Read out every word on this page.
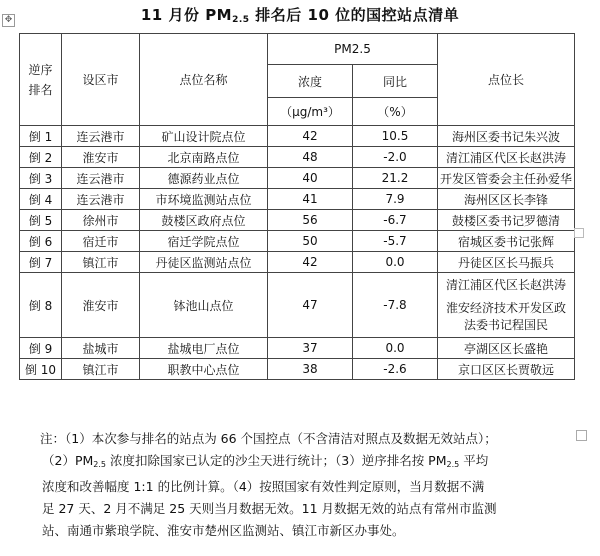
✥	11 月份 $PM_{2.5}$ 排名后 10 位的国控站点清单
逆序
排名	设区市	点位名称	PM2.5		点位长
			浓度	同比	
			（μg/m³）	（%）	
倒 1	连云港市	矿山设计院点位	42	10.5	海州区委书记朱兴波
倒 2	淮安市	北京南路点位	48	-2.0	清江浦区代区长赵洪涛
倒 3	连云港市	德源药业点位	40	21.2	开发区管委会主任孙爱华
倒 4	连云港市	市环境监测站点位	41	7.9	海州区区长李锋
倒 5	徐州市	鼓楼区政府点位	56	-6.7	鼓楼区委书记罗德清
倒 6	宿迁市	宿迁学院点位	50	-5.7	宿城区委书记张辉
倒 7	镇江市	丹徒区监测站点位	42	0.0	丹徒区区长马振兵
倒 8	淮安市	钵池山点位	47	-7.8	清江浦区代区长赵洪涛
淮安经济技术开发区政法委书记程国民

倒 9	盐城市	盐城电厂点位	37	0.0	亭湖区区长盛艳
倒 10	镇江市	职教中心点位	38	-2.6	京口区区长贾敬远

注：（1）本次参与排名的站点为 66 个国控点（不含清洁对照点及数据无效站点）；

$(2)PM_{2.5}$ 浓度扣除国家已认定的沙尘天进行统计；（3）逆序排名按 $PM_{2.5}$ 平均

浓度和改善幅度 1:1 的比例计算。（4）按照国家有效性判定原则，当月数据不满

足 27 天、2 月不满足 25 天则当月数据无效。11 月数据无效的站点有常州市监测

站、南通市紫琅学院、淮安市楚州区监测站、镇江市新区办事处。
